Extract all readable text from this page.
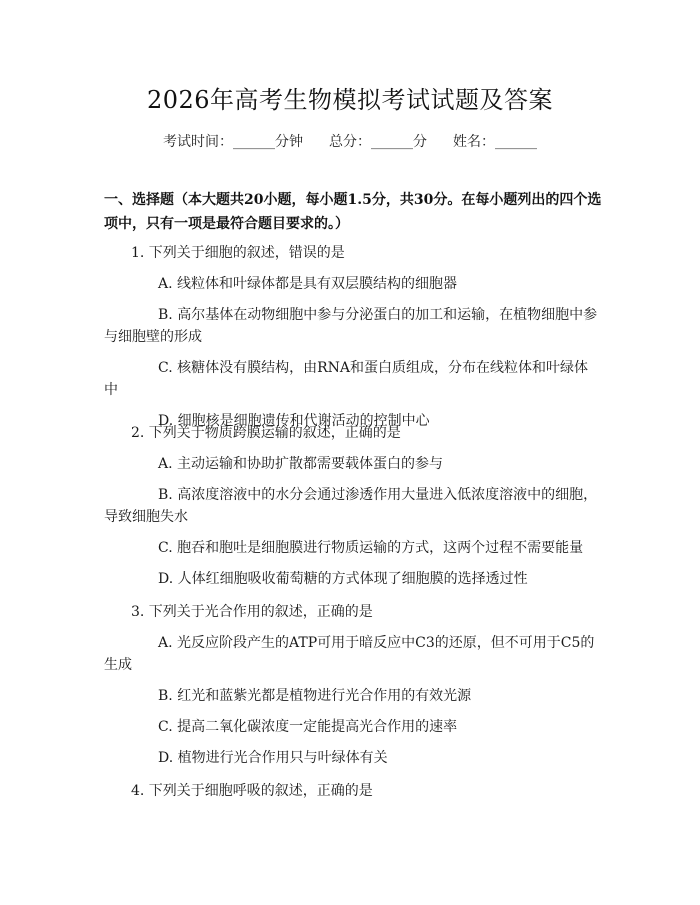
2026年高考生物模拟考试试题及答案
考试时间：______分钟 总分：______分 姓名：______
一、选择题（本大题共20小题，每小题1.5分，共30分。在每小题列出的四个选项中，只有一项是最符合题目要求的。）
1. 下列关于细胞的叙述，错误的是
A. 线粒体和叶绿体都是具有双层膜结构的细胞器
B. 高尔基体在动物细胞中参与分泌蛋白的加工和运输，在植物细胞中参与细胞壁的形成
C. 核糖体没有膜结构，由RNA和蛋白质组成，分布在线粒体和叶绿体中
D. 细胞核是细胞遗传和代谢活动的控制中心
2. 下列关于物质跨膜运输的叙述，正确的是
A. 主动运输和协助扩散都需要载体蛋白的参与
B. 高浓度溶液中的水分会通过渗透作用大量进入低浓度溶液中的细胞，导致细胞失水
C. 胞吞和胞吐是细胞膜进行物质运输的方式，这两个过程不需要能量
D. 人体红细胞吸收葡萄糖的方式体现了细胞膜的选择透过性
3. 下列关于光合作用的叙述，正确的是
A. 光反应阶段产生的ATP可用于暗反应中C3的还原，但不可用于C5的生成
B. 红光和蓝紫光都是植物进行光合作用的有效光源
C. 提高二氧化碳浓度一定能提高光合作用的速率
D. 植物进行光合作用只与叶绿体有关
4. 下列关于细胞呼吸的叙述，正确的是
